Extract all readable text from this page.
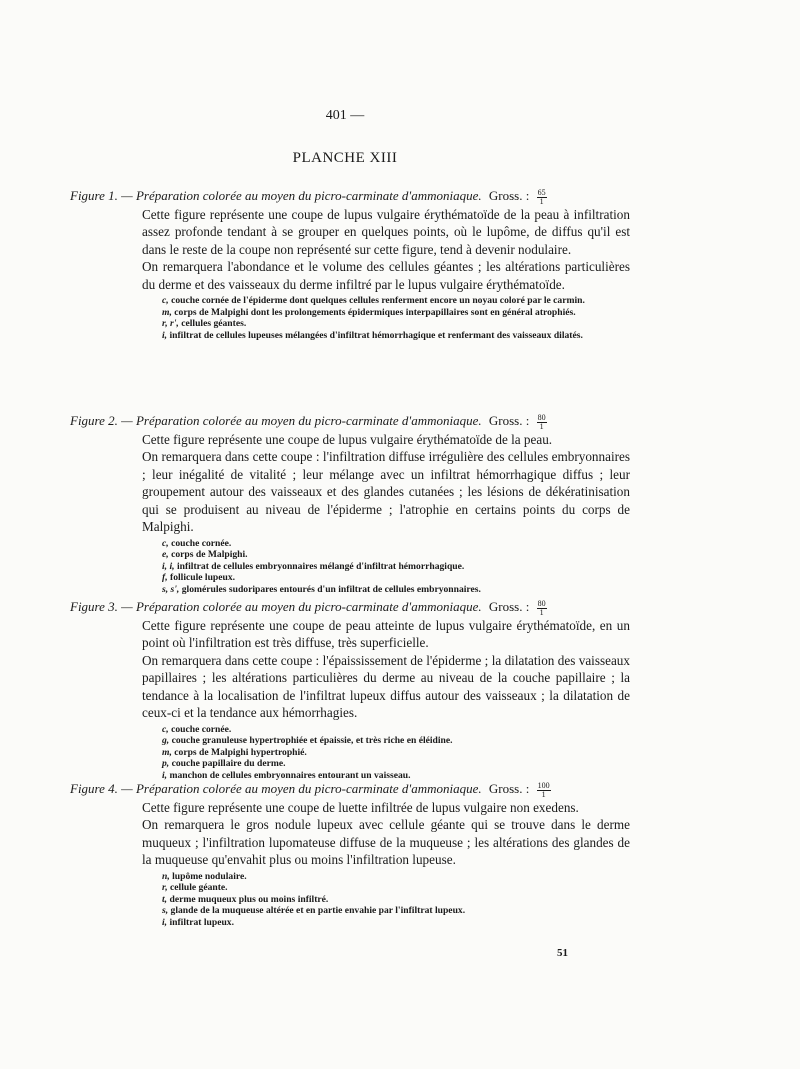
401 —
PLANCHE XIII
Figure 1. — Préparation colorée au moyen du picro-carminate d'ammoniaque. Gross. : $\frac{65}{1}$

Cette figure représente une coupe de lupus vulgaire érythématoïde de la peau à infiltration assez profonde tendant à se grouper en quelques points, où le lupôme, de diffus qu'il est dans le reste de la coupe non représenté sur cette figure, tend à devenir nodulaire.

On remarquera l'abondance et le volume des cellules géantes ; les altérations particulières du derme et des vaisseaux du derme infiltré par le lupus vulgaire érythématoïde.

c, couche cornée de l'épiderme dont quelques cellules renferment encore un noyau coloré par le carmin.
m, corps de Malpighi dont les prolongements épidermiques interpapillaires sont en général atrophiés.
r, r', cellules géantes.
i, infiltrat de cellules lupeuses mélangées d'infiltrat hémorrhagique et renfermant des vaisseaux dilatés.
Figure 2. — Préparation colorée au moyen du picro-carminate d'ammoniaque. Gross. : $\frac{80}{1}$

Cette figure représente une coupe de lupus vulgaire érythématoïde de la peau.

On remarquera dans cette coupe : l'infiltration diffuse irrégulière des cellules embryonnaires ; leur inégalité de vitalité ; leur mélange avec un infiltrat hémorrhagique diffus ; leur groupement autour des vaisseaux et des glandes cutanées ; les lésions de dékératinisation qui se produisent au niveau de l'épiderme ; l'atrophie en certains points du corps de Malpighi.

c, couche cornée.
e, corps de Malpighi.
i, i, infiltrat de cellules embryonnaires mélangé d'infiltrat hémorrhagique.
f, follicule lupeux.
s, s', glomérules sudoripares entourés d'un infiltrat de cellules embryonnaires.
Figure 3. — Préparation colorée au moyen du picro-carminate d'ammoniaque. Gross. : $\frac{80}{1}$

Cette figure représente une coupe de peau atteinte de lupus vulgaire érythématoïde, en un point où l'infiltration est très diffuse, très superficielle.

On remarquera dans cette coupe : l'épaississement de l'épiderme ; la dilatation des vaisseaux papillaires ; les altérations particulières du derme au niveau de la couche papillaire ; la tendance à la localisation de l'infiltrat lupeux diffus autour des vaisseaux ; la dilatation de ceux-ci et la tendance aux hémorrhagies.

c, couche cornée.
g, couche granuleuse hypertrophiée et épaissie, et très riche en éléidine.
m, corps de Malpighi hypertrophié.
p, couche papillaire du derme.
i, manchon de cellules embryonnaires entourant un vaisseau.
Figure 4. — Préparation colorée au moyen du picro-carminate d'ammoniaque. Gross. : $\frac{100}{1}$

Cette figure représente une coupe de luette infiltrée de lupus vulgaire non exedens.

On remarquera le gros nodule lupeux avec cellule géante qui se trouve dans le derme muqueux ; l'infiltration lupomateuse diffuse de la muqueuse ; les altérations des glandes de la muqueuse qu'envahit plus ou moins l'infiltration lupeuse.

n, lupôme nodulaire.
r, cellule géante.
t, derme muqueux plus ou moins infiltré.
s, glande de la muqueuse altérée et en partie envahie par l'infiltrat lupeux.
i, infiltrat lupeux.
51
